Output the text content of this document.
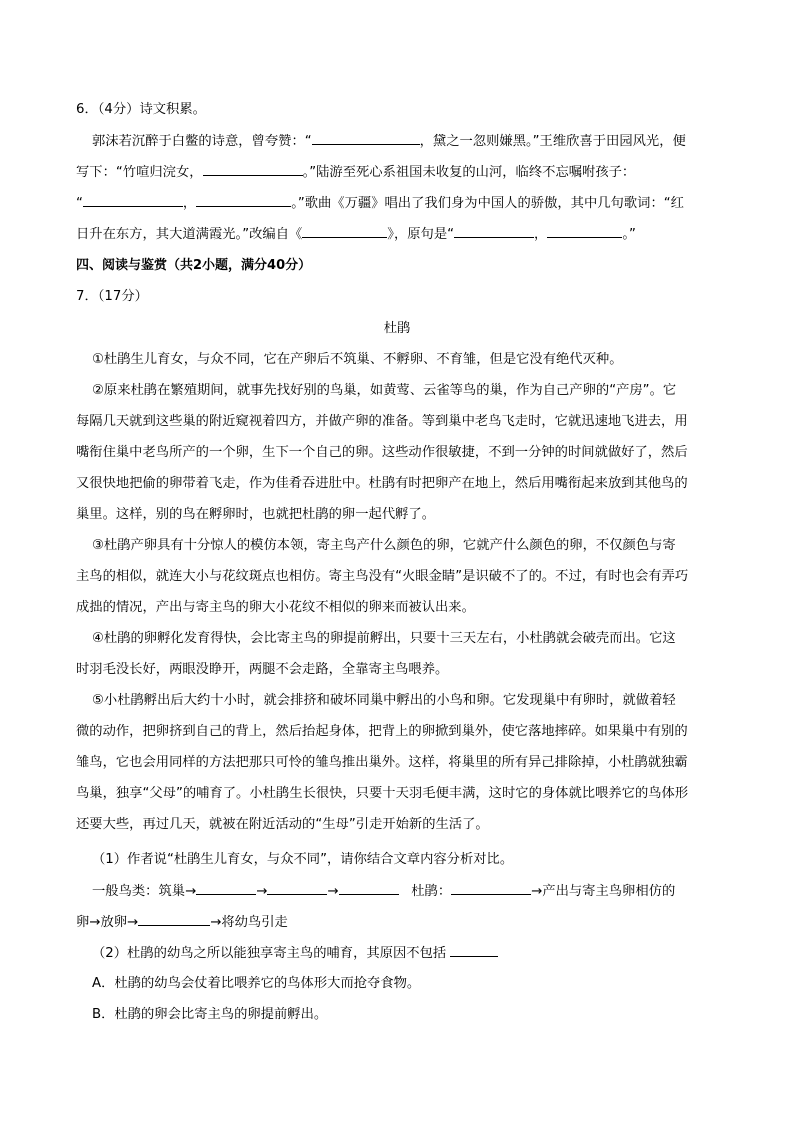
6．（4分）诗文积累。
郭沫若沉醉于白鳖的诗意，曾夸赞：“	，黛之一忽则嫌黑。”王维欣喜于田园风光，便
写下：“竹喧归浣女，	。”陆游至死心系祖国未收复的山河，临终不忘嘱咐孩子：
“	，	。”歌曲《万疆》唱出了我们身为中国人的骄傲，其中几句歌词：“红
日升在东方，其大道满霞光。”改编自《	》，原句是“	，	。”
四、阅读与鉴赏（共2小题，满分40分）
7．（17分）
杜鹃
①杜鹃生儿育女，与众不同，它在产卵后不筑巢、不孵卵、不育雏，但是它没有绝代灭种。
②原来杜鹃在繁殖期间，就事先找好别的鸟巢，如黄莺、云雀等鸟的巢，作为自己产卵的“产房”。它
每隔几天就到这些巢的附近窥视着四方，并做产卵的准备。等到巢中老鸟飞走时，它就迅速地飞进去，用
嘴衔住巢中老鸟所产的一个卵，生下一个自己的卵。这些动作很敏捷，不到一分钟的时间就做好了，然后
又很快地把偷的卵带着飞走，作为佳肴吞进肚中。杜鹃有时把卵产在地上，然后用嘴衔起来放到其他鸟的
巢里。这样，别的鸟在孵卵时，也就把杜鹃的卵一起代孵了。
③杜鹃产卵具有十分惊人的模仿本领，寄主鸟产什么颜色的卵，它就产什么颜色的卵，不仅颜色与寄
主鸟的相似，就连大小与花纹斑点也相仿。寄主鸟没有“火眼金睛”是识破不了的。不过，有时也会有弄巧
成拙的情况，产出与寄主鸟的卵大小花纹不相似的卵来而被认出来。
④杜鹃的卵孵化发育得快，会比寄主鸟的卵提前孵出，只要十三天左右，小杜鹃就会破壳而出。它这
时羽毛没长好，两眼没睁开，两腿不会走路，全靠寄主鸟喂养。
⑤小杜鹃孵出后大约十小时，就会排挤和破坏同巢中孵出的小鸟和卵。它发现巢中有卵时，就做着轻
微的动作，把卵挤到自己的背上，然后抬起身体，把背上的卵掀到巢外，使它落地摔碎。如果巢中有别的
雏鸟，它也会用同样的方法把那只可怜的雏鸟推出巢外。这样，将巢里的所有异己排除掉，小杜鹃就独霸
鸟巢，独享“父母”的哺育了。小杜鹃生长很快，只要十天羽毛便丰满，这时它的身体就比喂养它的鸟体形
还要大些，再过几天，就被在附近活动的“生母”引走开始新的生活了。
（1）作者说“杜鹃生儿育女，与众不同”，请你结合文章内容分析对比。
一般鸟类：筑巢→	→	→	杜鹃：	→产出与寄主鸟卵相仿的
卵→放卵→	→将幼鸟引走
（2）杜鹃的幼鸟之所以能独享寄主鸟的哺育，其原因不包括
A．杜鹃的幼鸟会仗着比喂养它的鸟体形大而抢夺食物。
B．杜鹃的卵会比寄主鸟的卵提前孵出。
